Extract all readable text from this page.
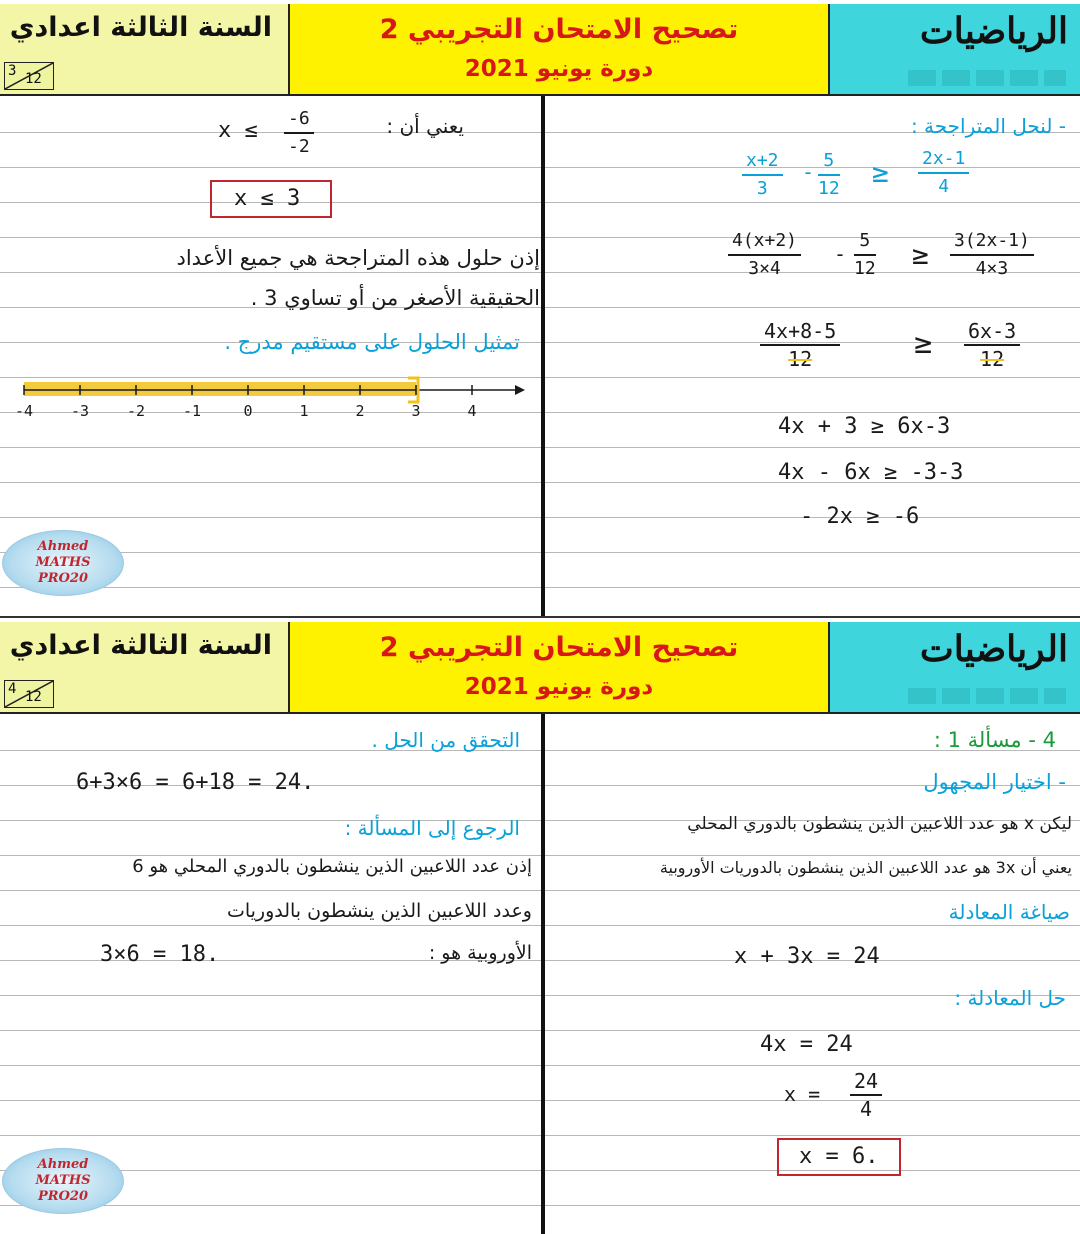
السنة الثالثة اعدادي
3 12
تصحيح الامتحان التجريبي 2
دورة يونيو 2021
الرياضيات
- لنحل المتراجحة :
$\frac{x+2}{3} - \frac{5}{12} \ge \frac{2x-1}{4}$
$\frac{4(x+2)}{3\times 4} - \frac{5}{12} \ge \frac{3(2x-1)}{4\times 3}$
$\frac{4x+8-5}{12} \ge \frac{6x-3}{12}$
4x + 3 ≥ 6x-3
4x - 6x ≥ -3-3
- 2x ≥ -6
يعني أن :
$x \le \frac{-6}{-2}$
x ≤ 3
إذن حلول هذه المتراجحة هي جميع الأعداد
الحقيقية الأصغر من أو تساوي 3 .
تمثيل الحلول على مستقيم مدرج .
-4	-3	-2	-1	0	1	2	3	4
Ahmed
MATHS
PRO20
السنة الثالثة اعدادي
4 12
تصحيح الامتحان التجريبي 2
دورة يونيو 2021
الرياضيات
4 - مسألة 1 :
- اختيار المجهول
ليكن x هو عدد اللاعبين الذين ينشطون بالدوري المحلي
يعني أن 3x هو عدد اللاعبين الذين ينشطون بالدوريات الأوروبية
صياغة المعادلة
x + 3x = 24
حل المعادلة :
4x = 24
$x = \frac{24}{4}$
x = 6.
التحقق من الحل .
6+3×6 = 6+18 = 24.
الرجوع إلى المسألة :
إذن عدد اللاعبين الذين ينشطون بالدوري المحلي هو 6
وعدد اللاعبين الذين ينشطون بالدوريات
الأوروبية هو :
3×6 = 18.
Ahmed
MATHS
PRO20
